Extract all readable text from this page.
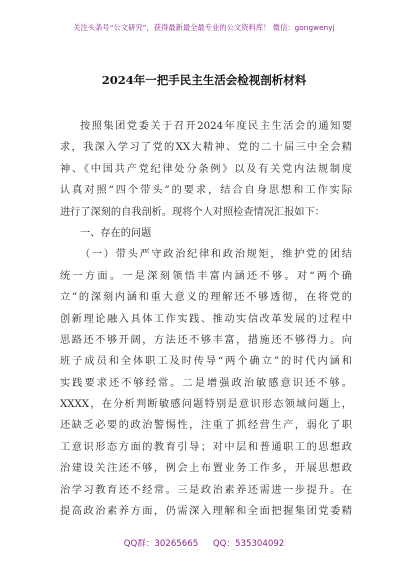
关注头条号“公文研究”，获得最新最全最专业的公文资料库！ 微信：gongwenyj
2024年一把手民主生活会检视剖析材料
按照集团党委关于召开2024年度民主生活会的通知要
求，我深入学习了党的XX大精神、党的二十届三中全会精
神、《中国共产党纪律处分条例》以及有关党内法规制度
认真对照“四个带头”的要求，结合自身思想和工作实际
进行了深刻的自我剖析。现将个人对照检查情况汇报如下：
一、存在的问题
（一）带头严守政治纪律和政治规矩，维护党的团结
统一方面。一是深刻领悟丰富内涵还不够。对“两个确
立”的深刻内涵和重大意义的理解还不够透彻，在将党的
创新理论融入具体工作实践、推动实信改革发展的过程中
思路还不够开阔，方法还不够丰富，措施还不够得力。向
班子成员和全体职工及时传导“两个确立”的时代内涵和
实践要求还不够经常。二是增强政治敏感意识还不够。
XXXX，在分析判断敏感问题特别是意识形态领域问题上，
还缺乏必要的政治警惕性，注重了抓经营生产，弱化了职
工意识形态方面的教育引导；对中层和普通职工的思想政
治建设关注还不够，例会上布置业务工作多，开展思想政
治学习教育还不经常。三是政治素养还需进一步提升。在
提高政治素养方面，仍需深入理解和全面把握集团党委精
QQ群：30265665 QQ：535304092
